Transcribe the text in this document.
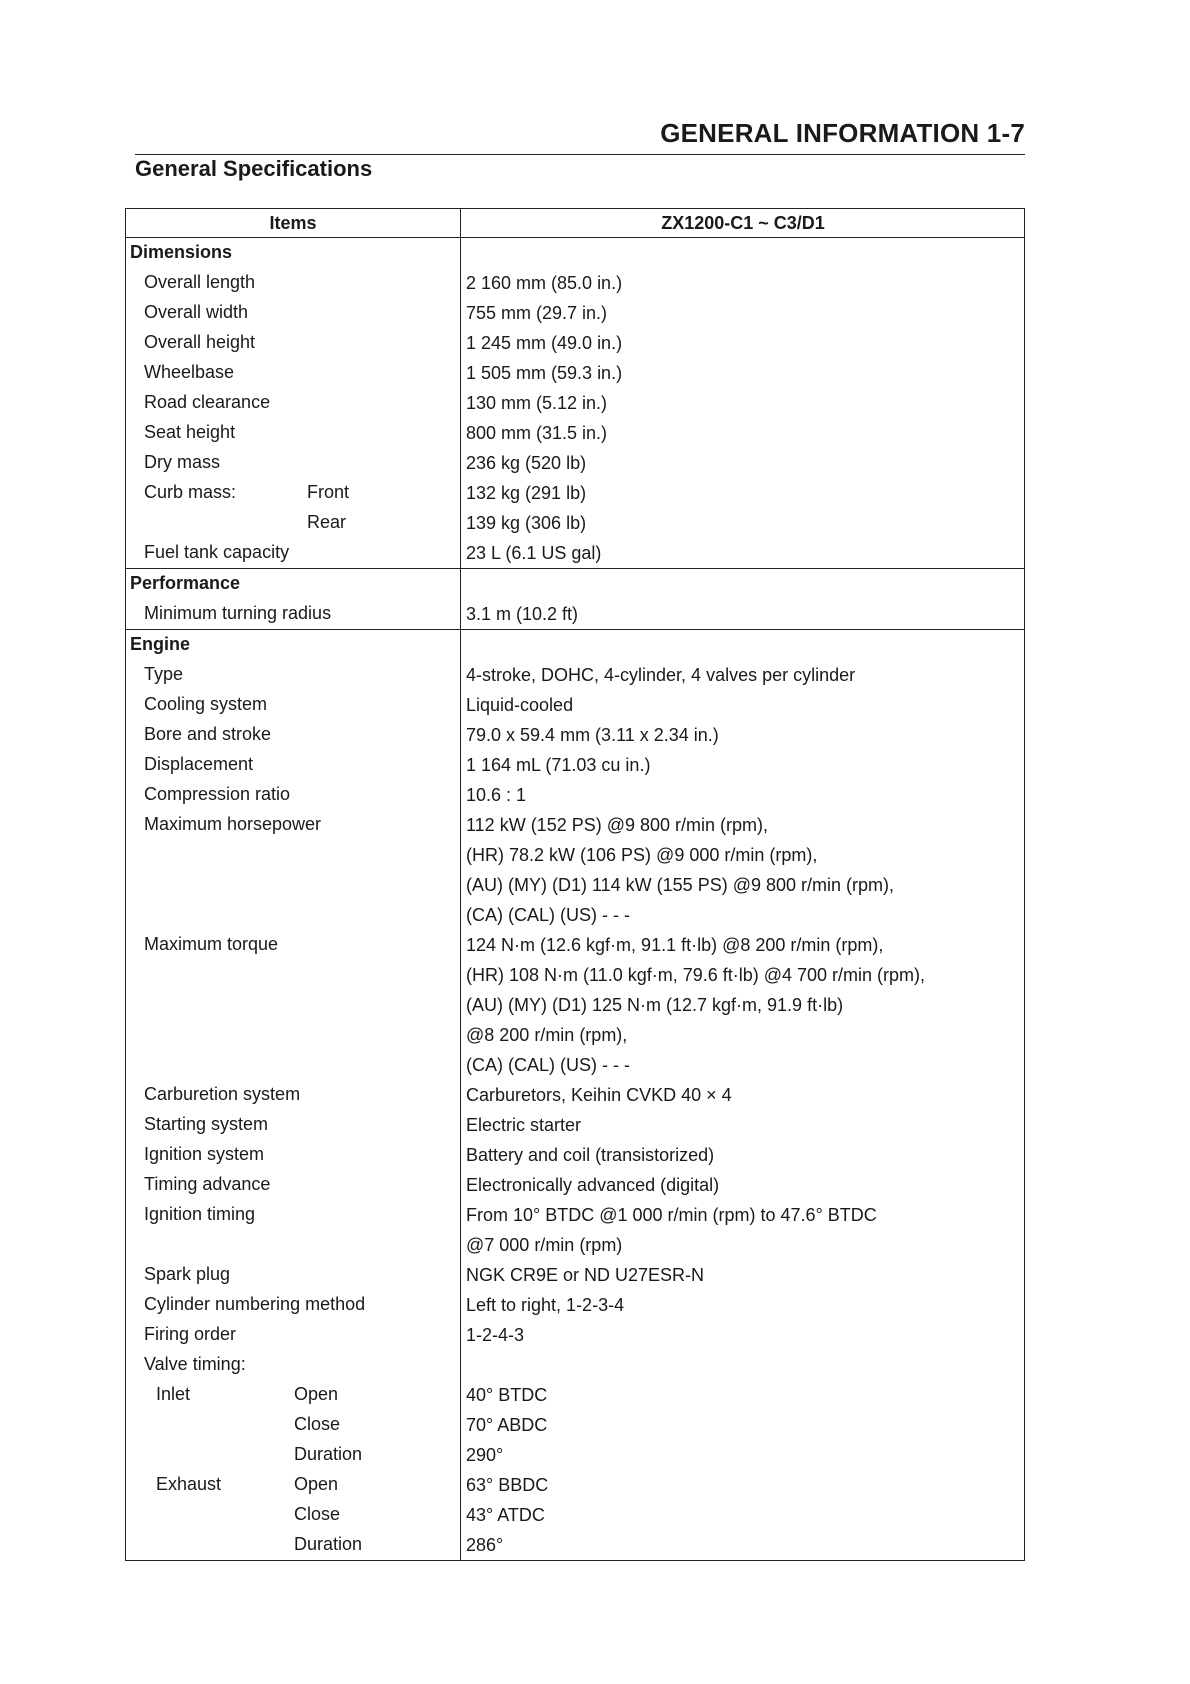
GENERAL INFORMATION 1-7
General Specifications
Items	ZX1200-C1 ~ C3/D1
Dimensions
Overall length	2 160 mm (85.0 in.)
Overall width	755 mm (29.7 in.)
Overall height	1 245 mm (49.0 in.)
Wheelbase	1 505 mm (59.3 in.)
Road clearance	130 mm (5.12 in.)
Seat height	800 mm (31.5 in.)
Dry mass	236 kg (520 lb)
Curb mass:	Front	132 kg (291 lb)
Rear	139 kg (306 lb)
Fuel tank capacity	23 L (6.1 US gal)
Performance
Minimum turning radius	3.1 m (10.2 ft)
Engine
Type	4-stroke, DOHC, 4-cylinder, 4 valves per cylinder
Cooling system	Liquid-cooled
Bore and stroke	79.0 x 59.4 mm (3.11 x 2.34 in.)
Displacement	1 164 mL (71.03 cu in.)
Compression ratio	10.6 : 1
Maximum horsepower	112 kW (152 PS) @9 800 r/min (rpm),
(HR) 78.2 kW (106 PS) @9 000 r/min (rpm),
(AU) (MY) (D1) 114 kW (155 PS) @9 800 r/min (rpm),
(CA) (CAL) (US) - - -
Maximum torque	124 N·m (12.6 kgf·m, 91.1 ft·lb) @8 200 r/min (rpm),
(HR) 108 N·m (11.0 kgf·m, 79.6 ft·lb) @4 700 r/min (rpm),
(AU) (MY) (D1) 125 N·m (12.7 kgf·m, 91.9 ft·lb)
@8 200 r/min (rpm),
(CA) (CAL) (US) - - -
Carburetion system	Carburetors, Keihin CVKD 40 × 4
Starting system	Electric starter
Ignition system	Battery and coil (transistorized)
Timing advance	Electronically advanced (digital)
Ignition timing	From 10° BTDC @1 000 r/min (rpm) to 47.6° BTDC
@7 000 r/min (rpm)
Spark plug	NGK CR9E or ND U27ESR-N
Cylinder numbering method	Left to right, 1-2-3-4
Firing order	1-2-4-3
Valve timing:
Inlet	Open	40° BTDC
Close	70° ABDC
Duration	290°
Exhaust	Open	63° BBDC
Close	43° ATDC
Duration	286°
